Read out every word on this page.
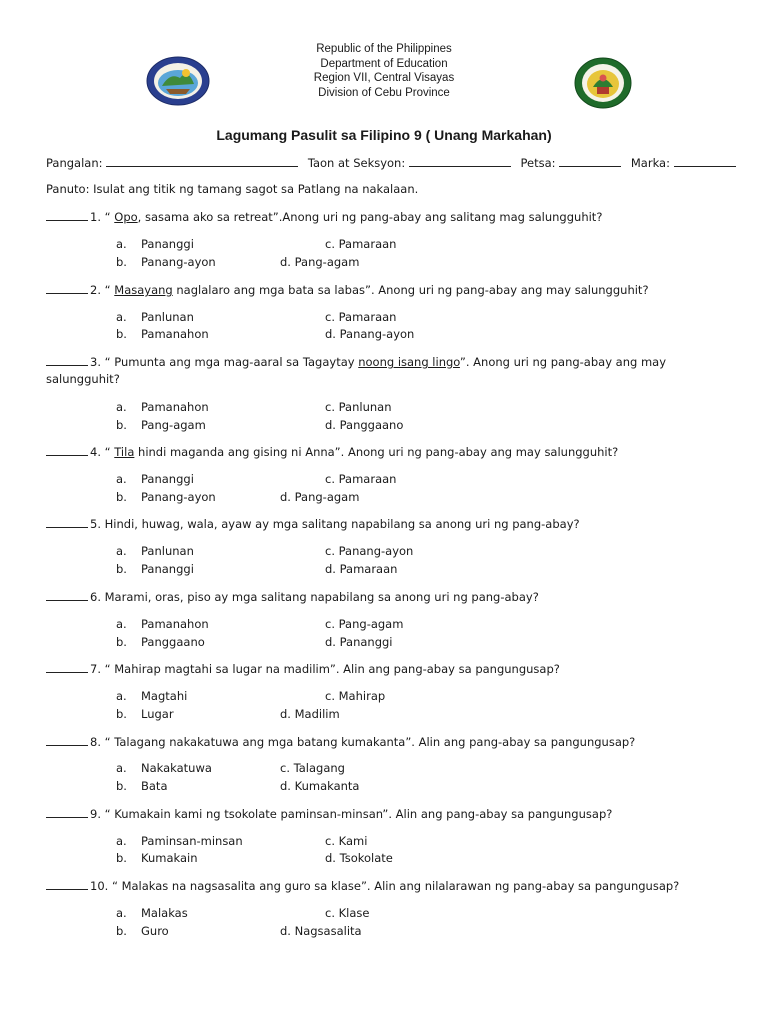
Republic of the Philippines
Department of Education
Region VII, Central Visayas
Division of Cebu Province
Lagumang Pasulit sa Filipino 9 ( Unang Markahan)
Pangalan:	Taon at Seksyon:	Petsa:	Marka:
Panuto: Isulat ang titik ng tamang sagot sa Patlang na nakalaan.
1. “ Opo, sasama ako sa retreat”.Anong uri ng pang-abay ang salitang mag salungguhit?
a. Pananggi	c. Pamaraan
b. Panang-ayon	d. Pang-agam
2. “ Masayang naglalaro ang mga bata sa labas”. Anong uri ng pang-abay ang may salungguhit?
a. Panlunan	c. Pamaraan
b. Pamanahon	d. Panang-ayon
3. “ Pumunta ang mga mag-aaral sa Tagaytay noong isang lingo”. Anong uri ng pang-abay ang may salungguhit?
a. Pamanahon	c. Panlunan
b. Pang-agam	d. Panggaano
4. “ Tila hindi maganda ang gising ni Anna”. Anong uri ng pang-abay ang may salungguhit?
a. Pananggi	c. Pamaraan
b. Panang-ayon	d. Pang-agam
5. Hindi, huwag, wala, ayaw ay mga salitang napabilang sa anong uri ng pang-abay?
a. Panlunan	c. Panang-ayon
b. Pananggi	d. Pamaraan
6. Marami, oras, piso ay mga salitang napabilang sa anong uri ng pang-abay?
a. Pamanahon	c. Pang-agam
b. Panggaano	d. Pananggi
7. “ Mahirap magtahi sa lugar na madilim”. Alin ang pang-abay sa pangungusap?
a. Magtahi	c. Mahirap
b. Lugar	d. Madilim
8. “ Talagang nakakatuwa ang mga batang kumakanta”. Alin ang pang-abay sa pangungusap?
a. Nakakatuwa	c. Talagang
b. Bata	d. Kumakanta
9. “ Kumakain kami ng tsokolate paminsan-minsan”. Alin ang pang-abay sa pangungusap?
a. Paminsan-minsan	c. Kami
b. Kumakain	d. Tsokolate
10. “ Malakas na nagsasalita ang guro sa klase”. Alin ang nilalarawan ng pang-abay sa pangungusap?
a. Malakas	c. Klase
b. Guro	d. Nagsasalita
